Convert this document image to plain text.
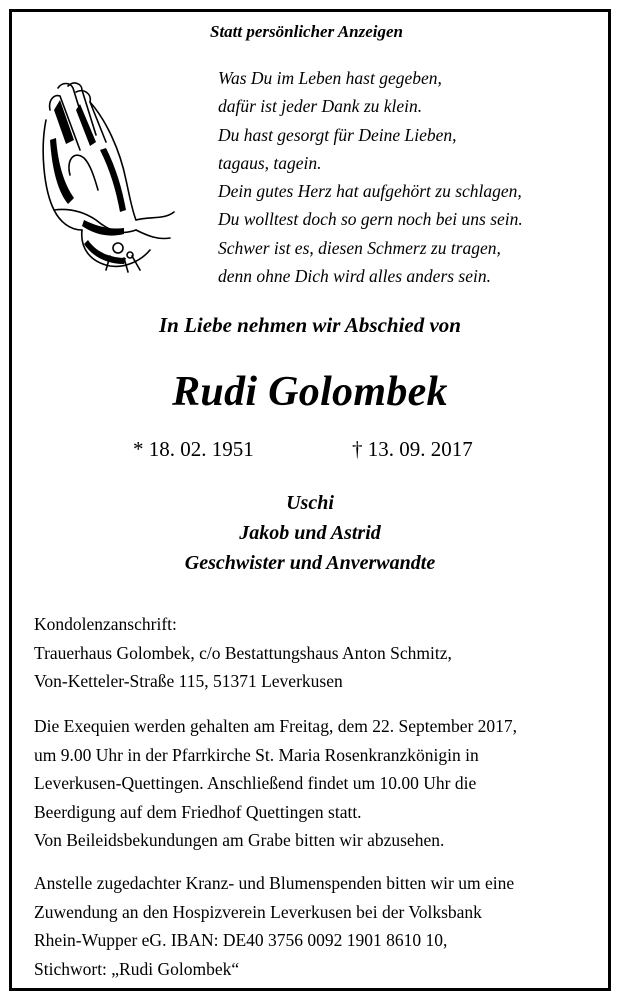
Statt persönlicher Anzeigen
Was Du im Leben hast gegeben,
dafür ist jeder Dank zu klein.
Du hast gesorgt für Deine Lieben,
tagaus, tagein.
Dein gutes Herz hat aufgehört zu schlagen,
Du wolltest doch so gern noch bei uns sein.
Schwer ist es, diesen Schmerz zu tragen,
denn ohne Dich wird alles anders sein.
In Liebe nehmen wir Abschied von
Rudi Golombek
* 18. 02. 1951	† 13. 09. 2017
Uschi
Jakob und Astrid
Geschwister und Anverwandte
Kondolenzanschrift:
Trauerhaus Golombek, c/o Bestattungshaus Anton Schmitz,
Von-Ketteler-Straße 115, 51371 Leverkusen
Die Exequien werden gehalten am Freitag, dem 22. September 2017,
um 9.00 Uhr in der Pfarrkirche St. Maria Rosenkranzkönigin in
Leverkusen-Quettingen. Anschließend findet um 10.00 Uhr die
Beerdigung auf dem Friedhof Quettingen statt.
Von Beileidsbekundungen am Grabe bitten wir abzusehen.
Anstelle zugedachter Kranz- und Blumenspenden bitten wir um eine
Zuwendung an den Hospizverein Leverkusen bei der Volksbank
Rhein-Wupper eG. IBAN: DE40 3756 0092 1901 8610 10,
Stichwort: „Rudi Golombek“
